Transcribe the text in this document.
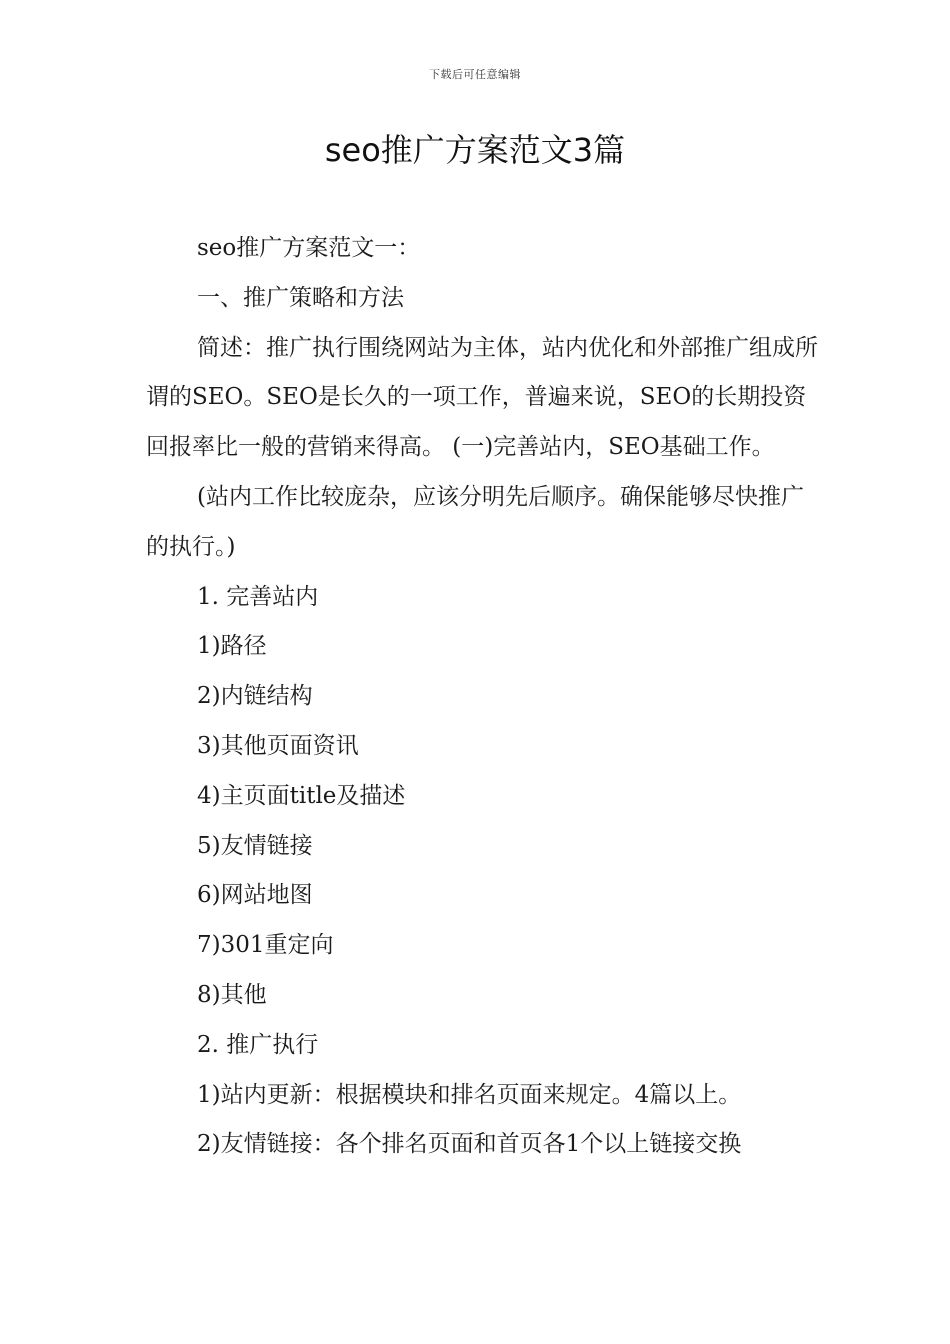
下载后可任意编辑
seo推广方案范文3篇

seo推广方案范文一：

一、推广策略和方法

简述：推广执行围绕网站为主体，站内优化和外部推广组成所谓的SEO。SEO是长久的一项工作，普遍来说，SEO的长期投资回报率比一般的营销来得高。 (一)完善站内，SEO基础工作。

(站内工作比较庞杂，应该分明先后顺序。确保能够尽快推广的执行。)

1. 完善站内

1)路径

2)内链结构

3)其他页面资讯

4)主页面title及描述

5)友情链接

6)网站地图

7)301重定向

8)其他

2. 推广执行

1)站内更新：根据模块和排名页面来规定。4篇以上。

2)友情链接：各个排名页面和首页各1个以上链接交换
